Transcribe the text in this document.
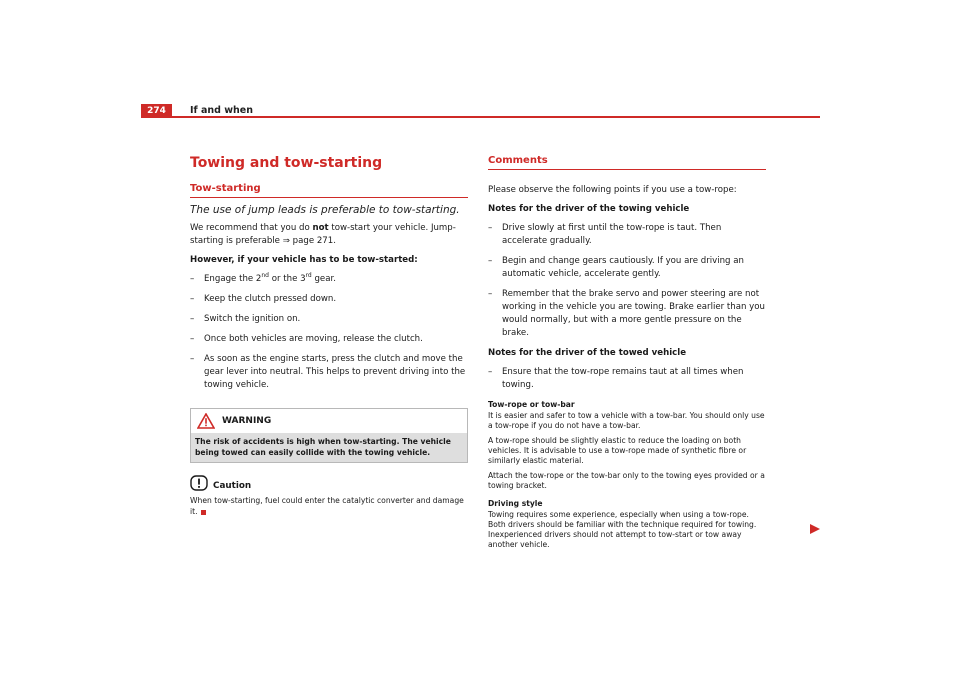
274	If and when
Towing and tow-starting
Tow-starting
The use of jump leads is preferable to tow-starting.

We recommend that you do not tow-start your vehicle. Jump-starting is preferable ⇒ page 271.

However, if your vehicle has to be tow-started:

– Engage the 2nd or the 3rd gear.
– Keep the clutch pressed down.
– Switch the ignition on.
– Once both vehicles are moving, release the clutch.
– As soon as the engine starts, press the clutch and move the gear lever into neutral. This helps to prevent driving into the towing vehicle.
WARNING
The risk of accidents is high when tow-starting. The vehicle being towed can easily collide with the towing vehicle.
Caution
When tow-starting, fuel could enter the catalytic converter and damage it.
Comments

Please observe the following points if you use a tow-rope:

Notes for the driver of the towing vehicle

– Drive slowly at first until the tow-rope is taut. Then accelerate gradually.
– Begin and change gears cautiously. If you are driving an automatic vehicle, accelerate gently.
– Remember that the brake servo and power steering are not working in the vehicle you are towing. Brake earlier than you would normally, but with a more gentle pressure on the brake.

Notes for the driver of the towed vehicle

– Ensure that the tow-rope remains taut at all times when towing.
Tow-rope or tow-bar

It is easier and safer to tow a vehicle with a tow-bar. You should only use a tow-rope if you do not have a tow-bar.

A tow-rope should be slightly elastic to reduce the loading on both vehicles. It is advisable to use a tow-rope made of synthetic fibre or similarly elastic material.

Attach the tow-rope or the tow-bar only to the towing eyes provided or a towing bracket.

Driving style

Towing requires some experience, especially when using a tow-rope. Both drivers should be familiar with the technique required for towing. Inexperienced drivers should not attempt to tow-start or tow away another vehicle.
